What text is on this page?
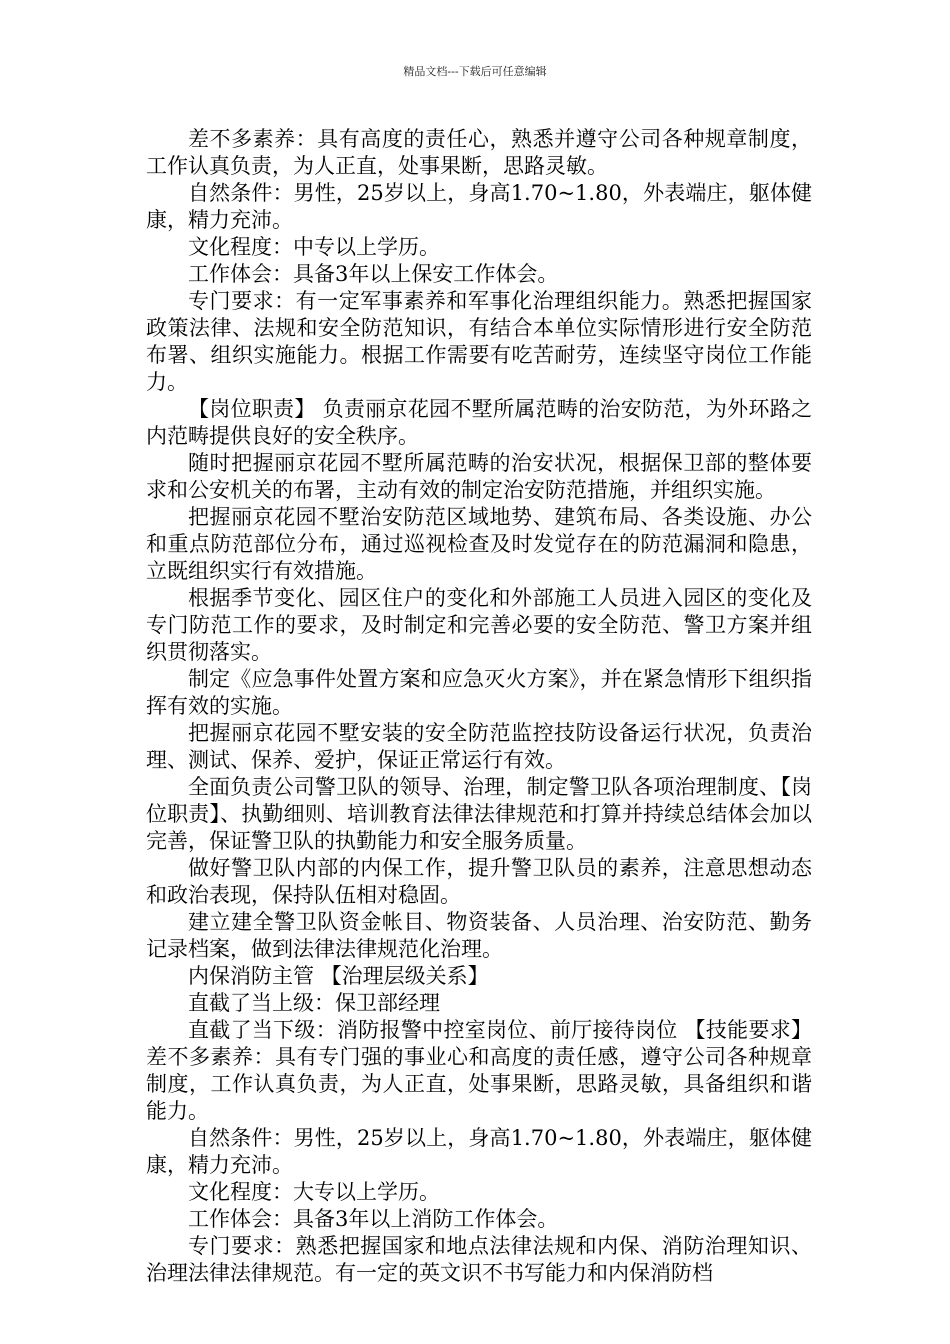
精品文档---下载后可任意编辑

差不多素养：具有高度的责任心，熟悉并遵守公司各种规章制度，工作认真负责，为人正直，处事果断，思路灵敏。

自然条件：男性，25岁以上，身高1.70~1.80，外表端庄，躯体健康，精力充沛。

文化程度：中专以上学历。

工作体会：具备3年以上保安工作体会。

专门要求：有一定军事素养和军事化治理组织能力。熟悉把握国家政策法律、法规和安全防范知识，有结合本单位实际情形进行安全防范布署、组织实施能力。根据工作需要有吃苦耐劳，连续坚守岗位工作能力。

【岗位职责】 负责丽京花园不墅所属范畴的治安防范，为外环路之内范畴提供良好的安全秩序。

随时把握丽京花园不墅所属范畴的治安状况，根据保卫部的整体要求和公安机关的布署，主动有效的制定治安防范措施，并组织实施。

把握丽京花园不墅治安防范区域地势、建筑布局、各类设施、办公和重点防范部位分布，通过巡视检查及时发觉存在的防范漏洞和隐患，立既组织实行有效措施。

根据季节变化、园区住户的变化和外部施工人员进入园区的变化及专门防范工作的要求，及时制定和完善必要的安全防范、警卫方案并组织贯彻落实。

制定《应急事件处置方案和应急灭火方案》，并在紧急情形下组织指挥有效的实施。

把握丽京花园不墅安装的安全防范监控技防设备运行状况，负责治理、测试、保养、爱护，保证正常运行有效。

全面负责公司警卫队的领导、治理，制定警卫队各项治理制度、【岗位职责】、执勤细则、培训教育法律法律规范和打算并持续总结体会加以完善，保证警卫队的执勤能力和安全服务质量。

做好警卫队内部的内保工作，提升警卫队员的素养，注意思想动态和政治表现，保持队伍相对稳固。

建立建全警卫队资金帐目、物资装备、人员治理、治安防范、勤务记录档案，做到法律法律规范化治理。

内保消防主管 【治理层级关系】

直截了当上级：保卫部经理

直截了当下级：消防报警中控室岗位、前厅接待岗位 【技能要求】 差不多素养：具有专门强的事业心和高度的责任感，遵守公司各种规章制度，工作认真负责，为人正直，处事果断，思路灵敏，具备组织和谐能力。

自然条件：男性，25岁以上，身高1.70~1.80，外表端庄，躯体健康，精力充沛。

文化程度：大专以上学历。

工作体会：具备3年以上消防工作体会。

专门要求：熟悉把握国家和地点法律法规和内保、消防治理知识、治理法律法律规范。有一定的英文识不书写能力和内保消防档
